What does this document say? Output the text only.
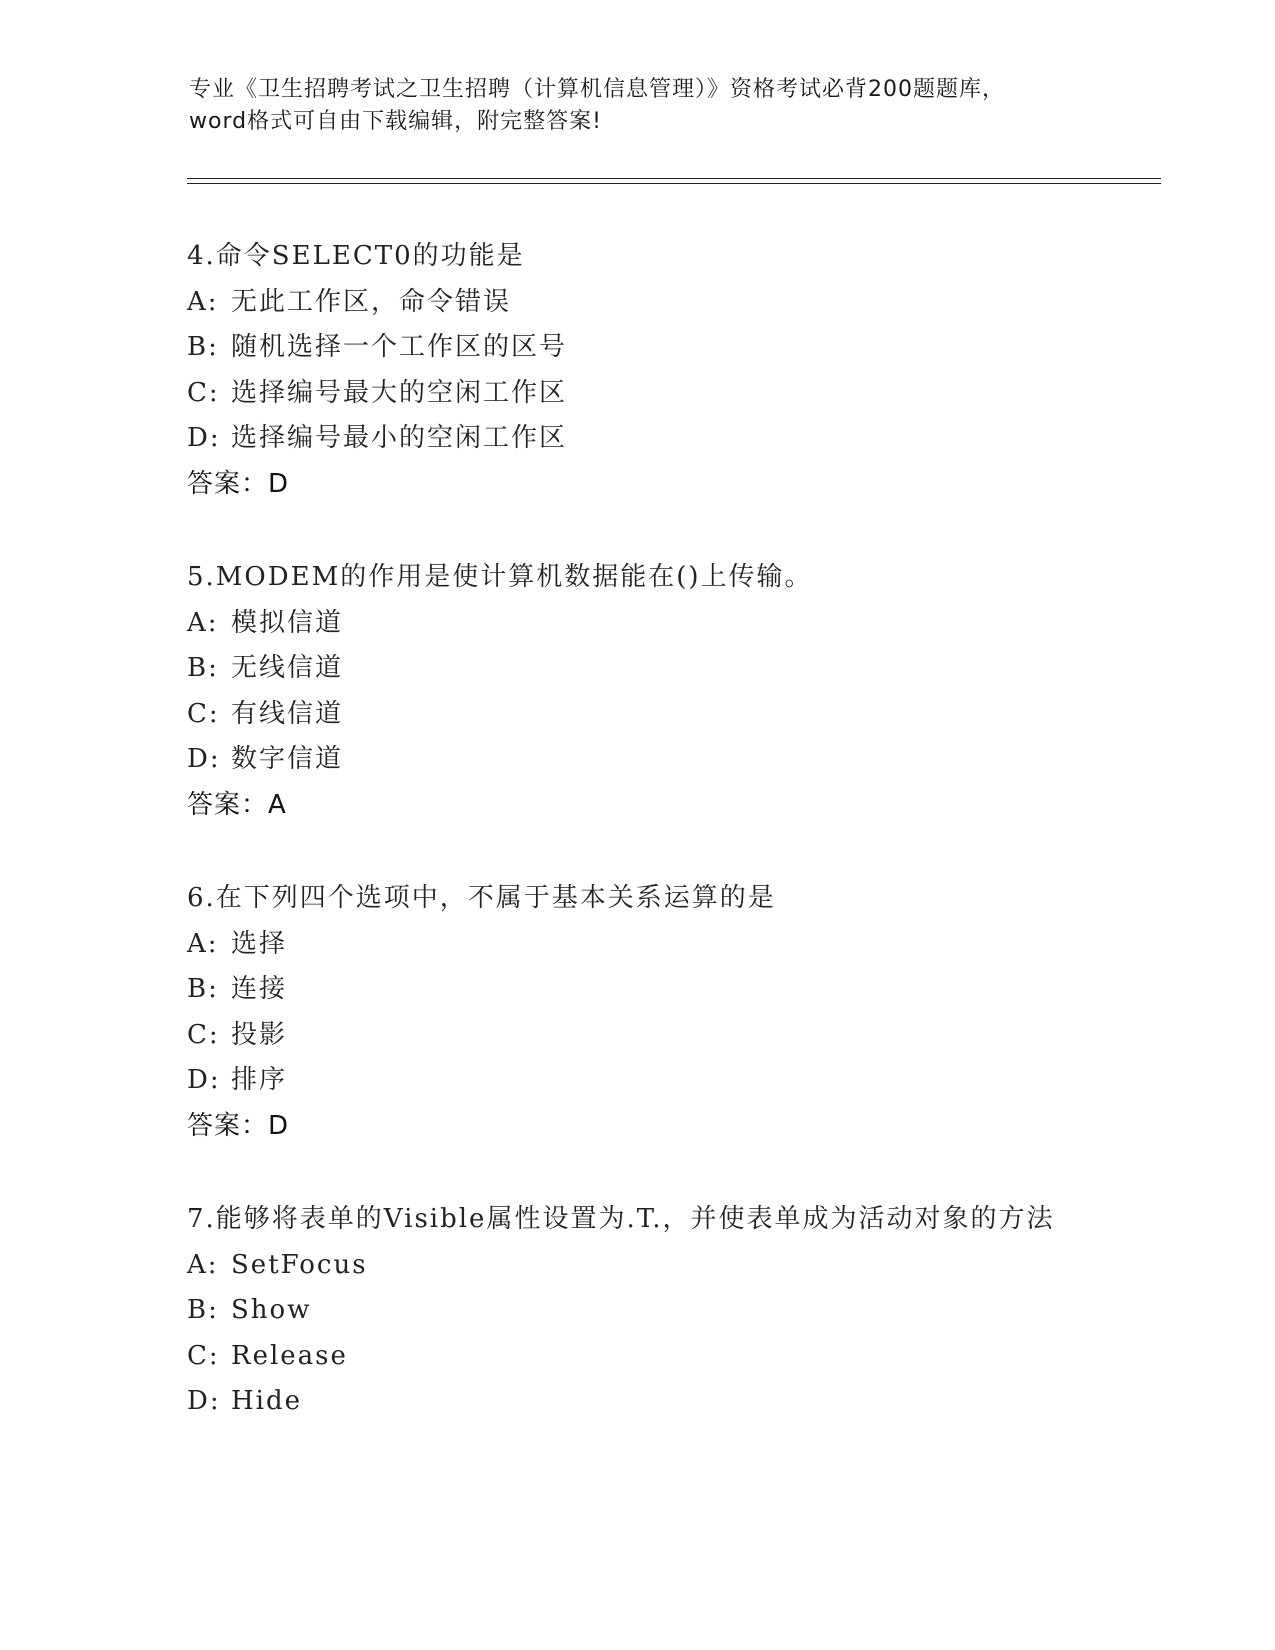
专业《卫生招聘考试之卫生招聘（计算机信息管理）》资格考试必背200题题库，
word格式可自由下载编辑，附完整答案!
4.命令SELECT0的功能是
A: 无此工作区，命令错误
B: 随机选择一个工作区的区号
C: 选择编号最大的空闲工作区
D: 选择编号最小的空闲工作区
答案：D
5.MODEM的作用是使计算机数据能在()上传输。
A: 模拟信道
B: 无线信道
C: 有线信道
D: 数字信道
答案：A
6.在下列四个选项中，不属于基本关系运算的是
A: 选择
B: 连接
C: 投影
D: 排序
答案：D
7.能够将表单的Visible属性设置为.T.，并使表单成为活动对象的方法
A: SetFocus
B: Show
C: Release
D: Hide
